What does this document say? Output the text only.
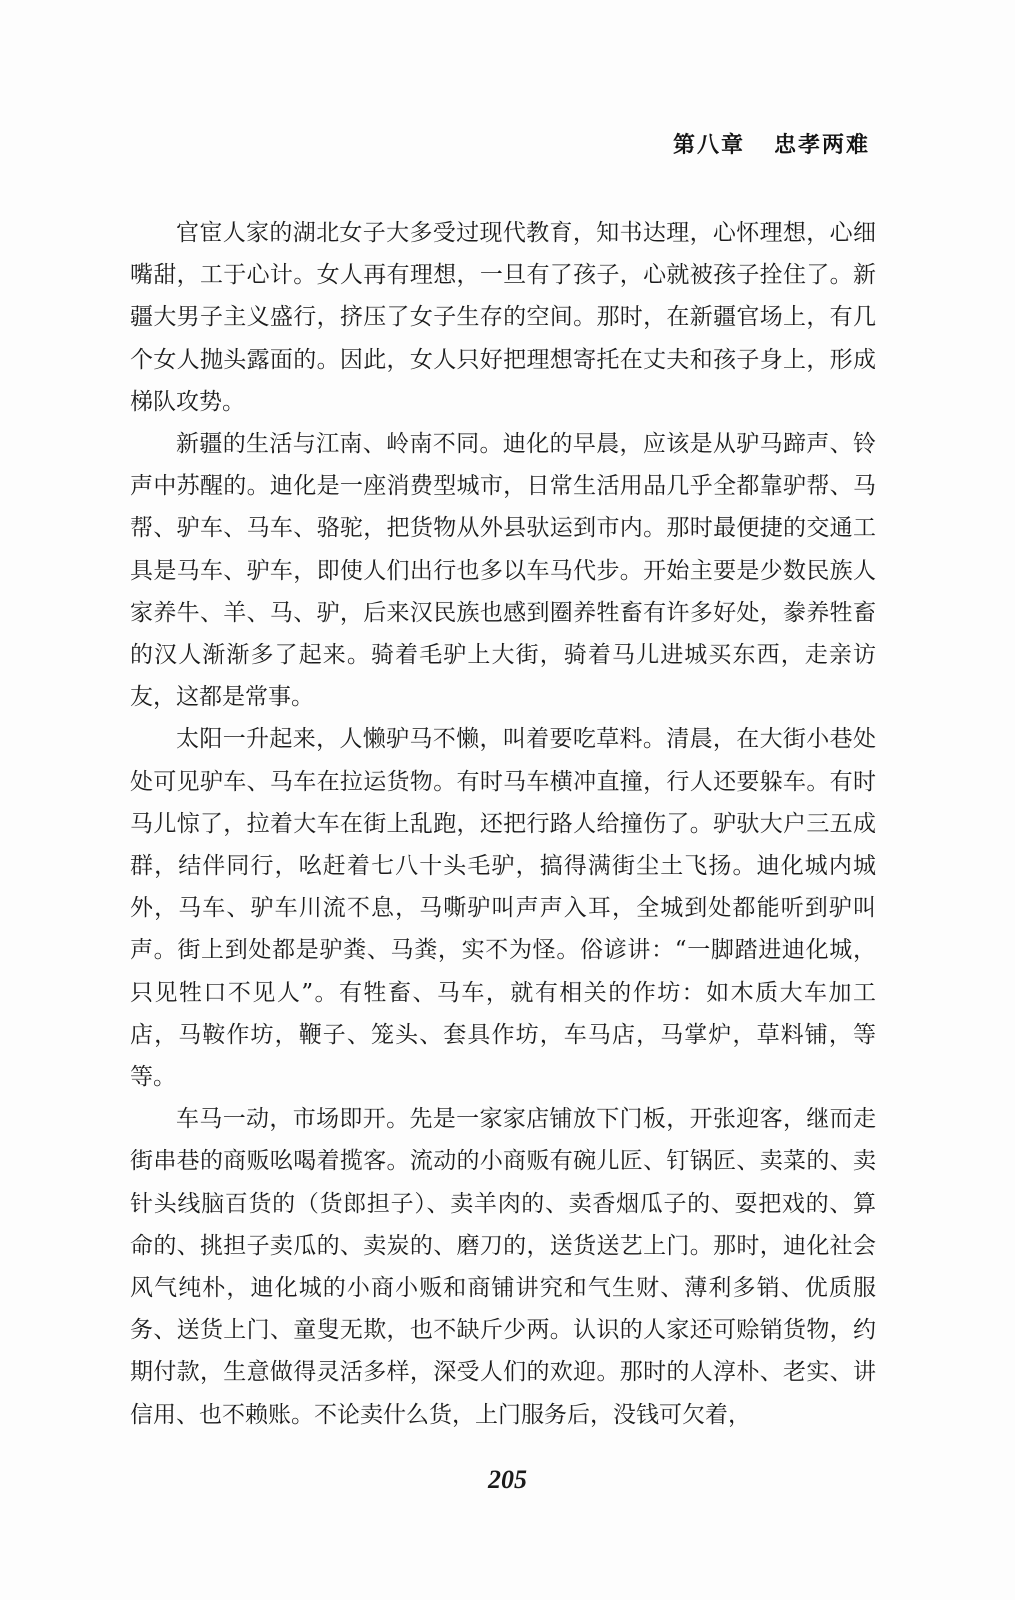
第八章   忠孝两难

官宦人家的湖北女子大多受过现代教育，知书达理，心怀理想，心细嘴甜，工于心计。女人再有理想，一旦有了孩子，心就被孩子拴住了。新疆大男子主义盛行，挤压了女子生存的空间。那时，在新疆官场上，有几个女人抛头露面的。因此，女人只好把理想寄托在丈夫和孩子身上，形成梯队攻势。

新疆的生活与江南、岭南不同。迪化的早晨，应该是从驴马蹄声、铃声中苏醒的。迪化是一座消费型城市，日常生活用品几乎全都靠驴帮、马帮、驴车、马车、骆驼，把货物从外县驮运到市内。那时最便捷的交通工具是马车、驴车，即使人们出行也多以车马代步。开始主要是少数民族人家养牛、羊、马、驴，后来汉民族也感到圈养牲畜有许多好处，豢养牲畜的汉人渐渐多了起来。骑着毛驴上大街，骑着马儿进城买东西，走亲访友，这都是常事。

太阳一升起来，人懒驴马不懒，叫着要吃草料。清晨，在大街小巷处处可见驴车、马车在拉运货物。有时马车横冲直撞，行人还要躲车。有时马儿惊了，拉着大车在街上乱跑，还把行路人给撞伤了。驴驮大户三五成群，结伴同行，吆赶着七八十头毛驴，搞得满街尘土飞扬。迪化城内城外，马车、驴车川流不息，马嘶驴叫声声入耳，全城到处都能听到驴叫声。街上到处都是驴粪、马粪，实不为怪。俗谚讲：“一脚踏进迪化城，只见牲口不见人”。有牲畜、马车，就有相关的作坊：如木质大车加工店，马鞍作坊，鞭子、笼头、套具作坊，车马店，马掌炉，草料铺，等等。

车马一动，市场即开。先是一家家店铺放下门板，开张迎客，继而走街串巷的商贩吆喝着揽客。流动的小商贩有碗儿匠、钉锅匠、卖菜的、卖针头线脑百货的（货郎担子）、卖羊肉的、卖香烟瓜子的、耍把戏的、算命的、挑担子卖瓜的、卖炭的、磨刀的，送货送艺上门。那时，迪化社会风气纯朴，迪化城的小商小贩和商铺讲究和气生财、薄利多销、优质服务、送货上门、童叟无欺，也不缺斤少两。认识的人家还可赊销货物，约期付款，生意做得灵活多样，深受人们的欢迎。那时的人淳朴、老实、讲信用、也不赖账。不论卖什么货，上门服务后，没钱可欠着，

205
